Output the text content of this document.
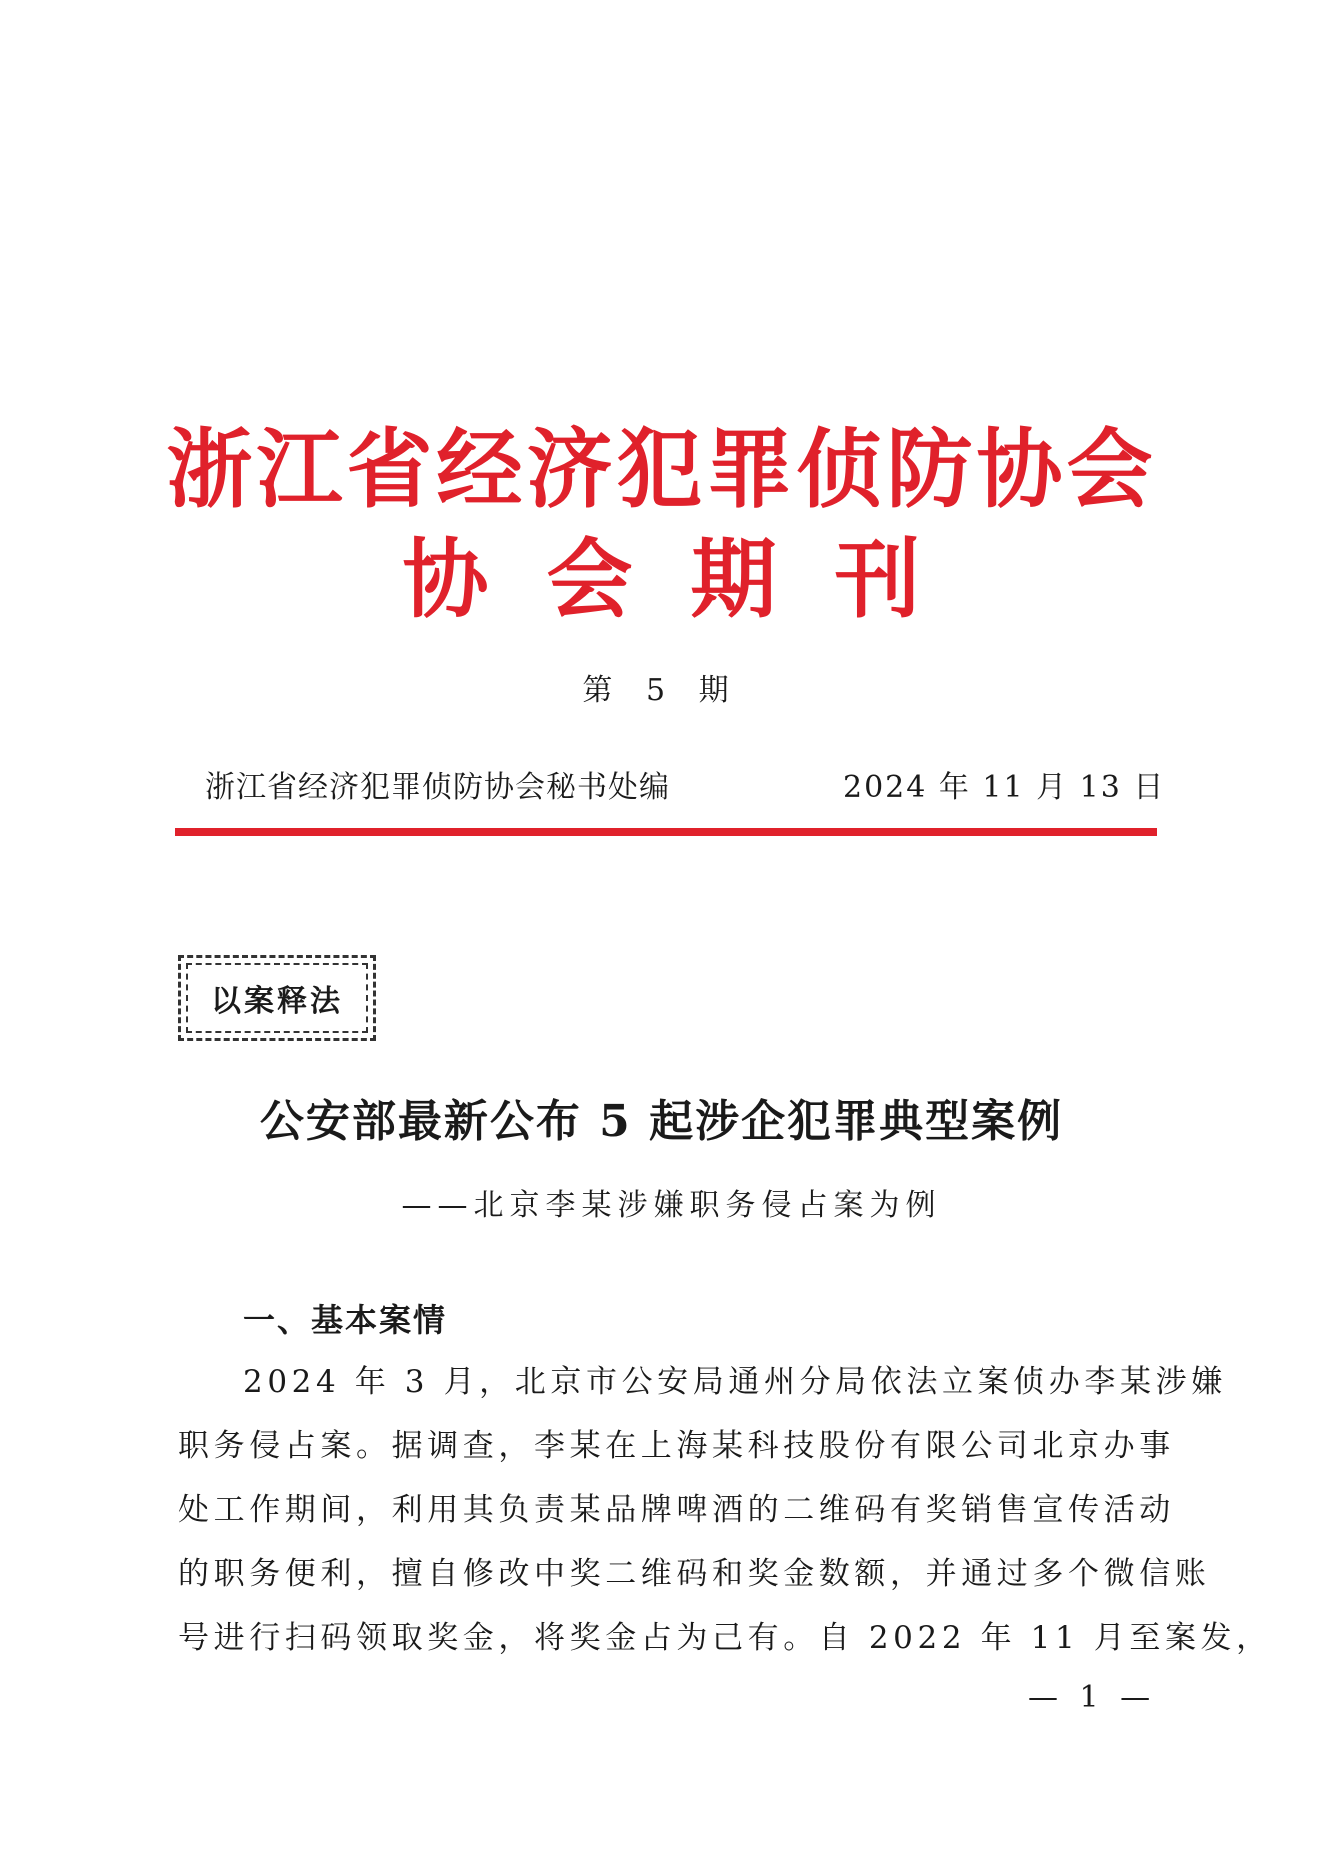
浙江省经济犯罪侦防协会
协会期刊
第 5 期
浙江省经济犯罪侦防协会秘书处编	2024 年 11 月 13 日
以案释法
公安部最新公布 5 起涉企犯罪典型案例
——北京李某涉嫌职务侵占案为例
一、基本案情
2024 年 3 月，北京市公安局通州分局依法立案侦办李某涉嫌
职务侵占案。据调查，李某在上海某科技股份有限公司北京办事
处工作期间，利用其负责某品牌啤酒的二维码有奖销售宣传活动
的职务便利，擅自修改中奖二维码和奖金数额，并通过多个微信账
号进行扫码领取奖金，将奖金占为己有。自 2022 年 11 月至案发，
— 1 —
